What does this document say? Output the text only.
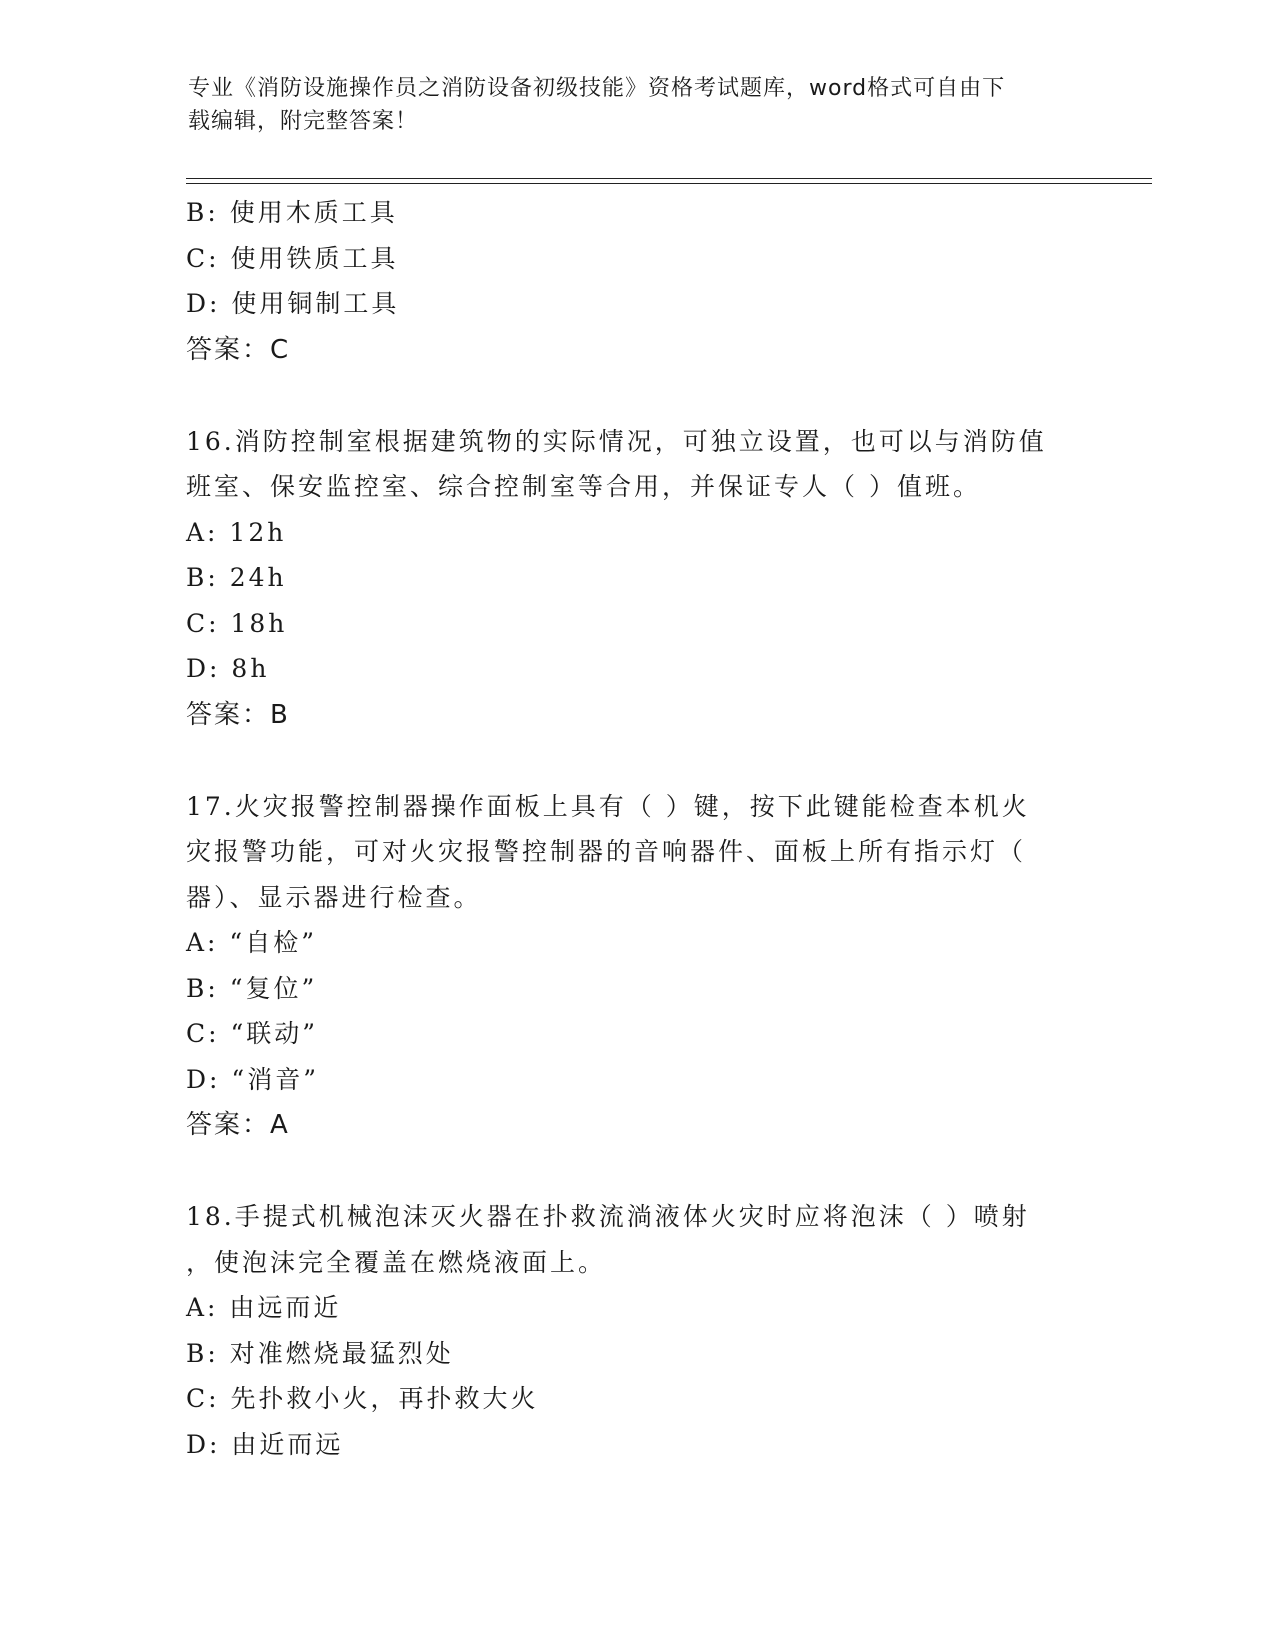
专业《消防设施操作员之消防设备初级技能》资格考试题库，word格式可自由下
载编辑，附完整答案！
B: 使用木质工具
C: 使用铁质工具
D: 使用铜制工具
答案：C
16.消防控制室根据建筑物的实际情况，可独立设置，也可以与消防值
班室、保安监控室、综合控制室等合用，并保证专人（ ）值班。
A: 12h
B: 24h
C: 18h
D: 8h
答案：B
17.火灾报警控制器操作面板上具有（ ）键，按下此键能检查本机火
灾报警功能，可对火灾报警控制器的音响器件、面板上所有指示灯（
器）、显示器进行检查。
A: “自检”
B: “复位”
C: “联动”
D: “消音”
答案：A
18.手提式机械泡沫灭火器在扑救流淌液体火灾时应将泡沫（ ）喷射
，使泡沫完全覆盖在燃烧液面上。
A: 由远而近
B: 对准燃烧最猛烈处
C: 先扑救小火，再扑救大火
D: 由近而远
